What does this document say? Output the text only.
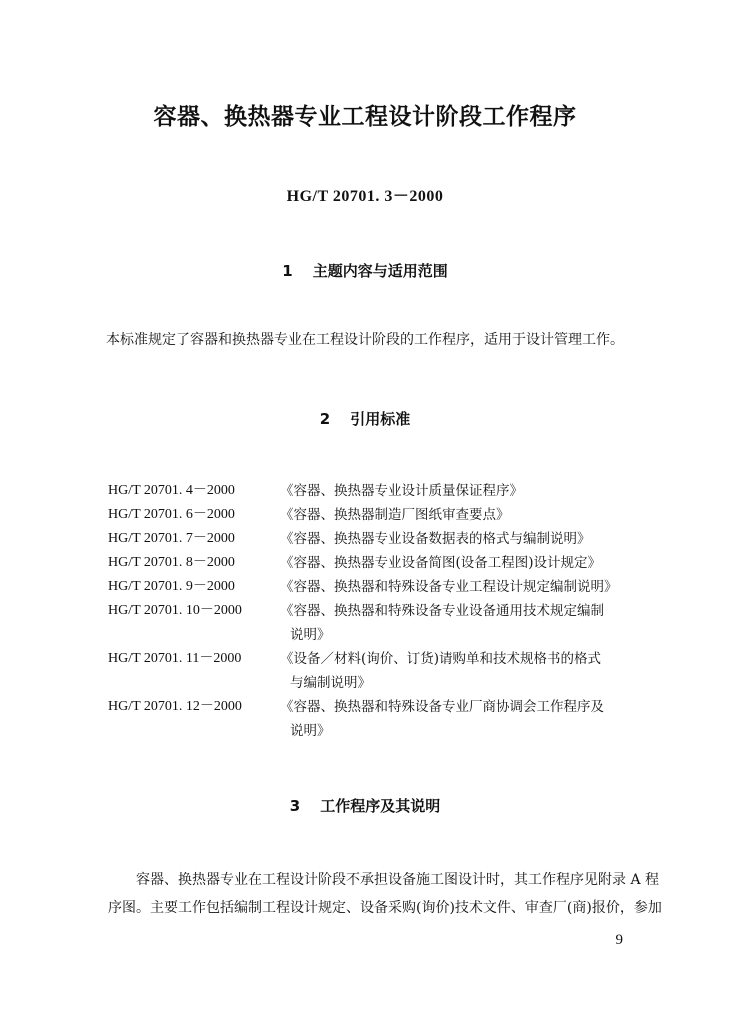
容器、换热器专业工程设计阶段工作程序
HG/T 20701. 3－2000
1 主题内容与适用范围

本标准规定了容器和换热器专业在工程设计阶段的工作程序，适用于设计管理工作。

2 引用标准
HG/T 20701. 4－2000	《容器、换热器专业设计质量保证程序》
HG/T 20701. 6－2000	《容器、换热器制造厂图纸审查要点》
HG/T 20701. 7－2000	《容器、换热器专业设备数据表的格式与编制说明》
HG/T 20701. 8－2000	《容器、换热器专业设备简图(设备工程图)设计规定》
HG/T 20701. 9－2000	《容器、换热器和特殊设备专业工程设计规定编制说明》
HG/T 20701. 10－2000	《容器、换热器和特殊设备专业设备通用技术规定编制
说明》
HG/T 20701. 11－2000	《设备／材料(询价、订货)请购单和技术规格书的格式
与编制说明》
HG/T 20701. 12－2000	《容器、换热器和特殊设备专业厂商协调会工作程序及
说明》
3 工作程序及其说明

容器、换热器专业在工程设计阶段不承担设备施工图设计时，其工作程序见附录 A 程

序图。主要工作包括编制工程设计规定、设备采购(询价)技术文件、审查厂(商)报价，参加

9
